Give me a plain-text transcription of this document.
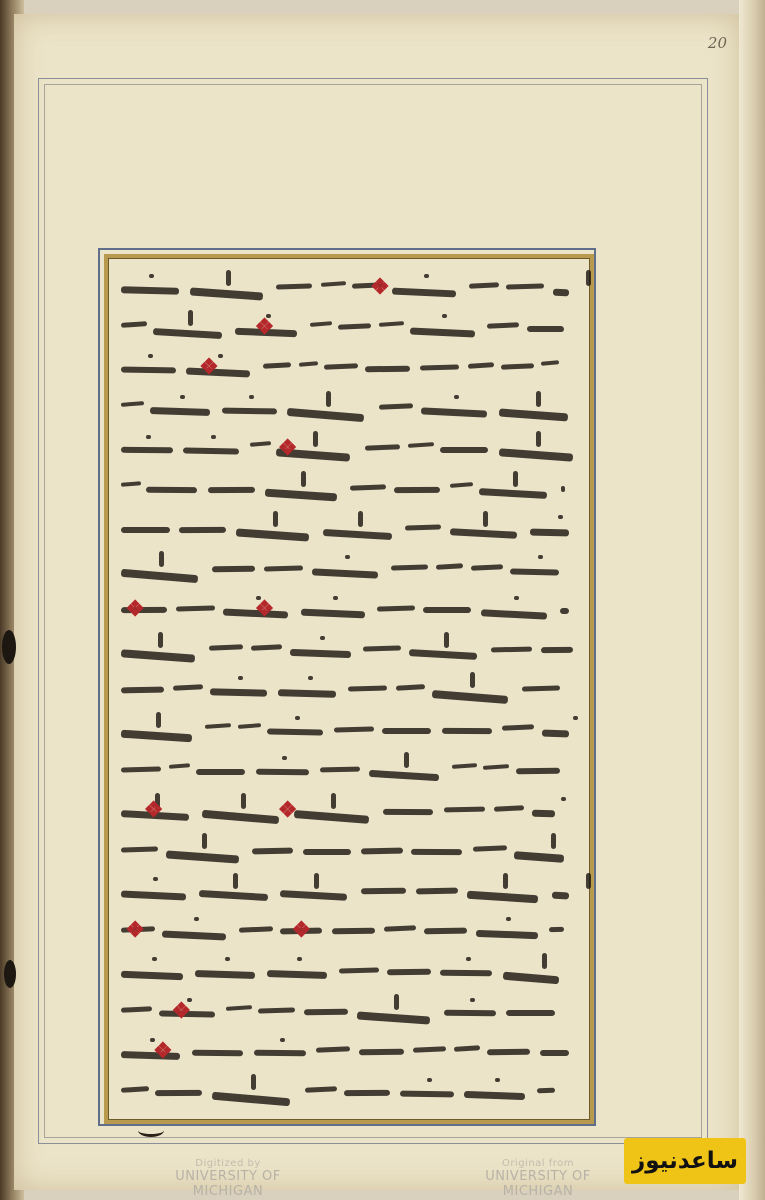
20
❖
❖
❖
❖
❖
❖
❖	❖
❖	❖
❖
❖
Digitized by
UNIVERSITY OF MICHIGAN
Original from
UNIVERSITY OF MICHIGAN
ساعدنیوز
